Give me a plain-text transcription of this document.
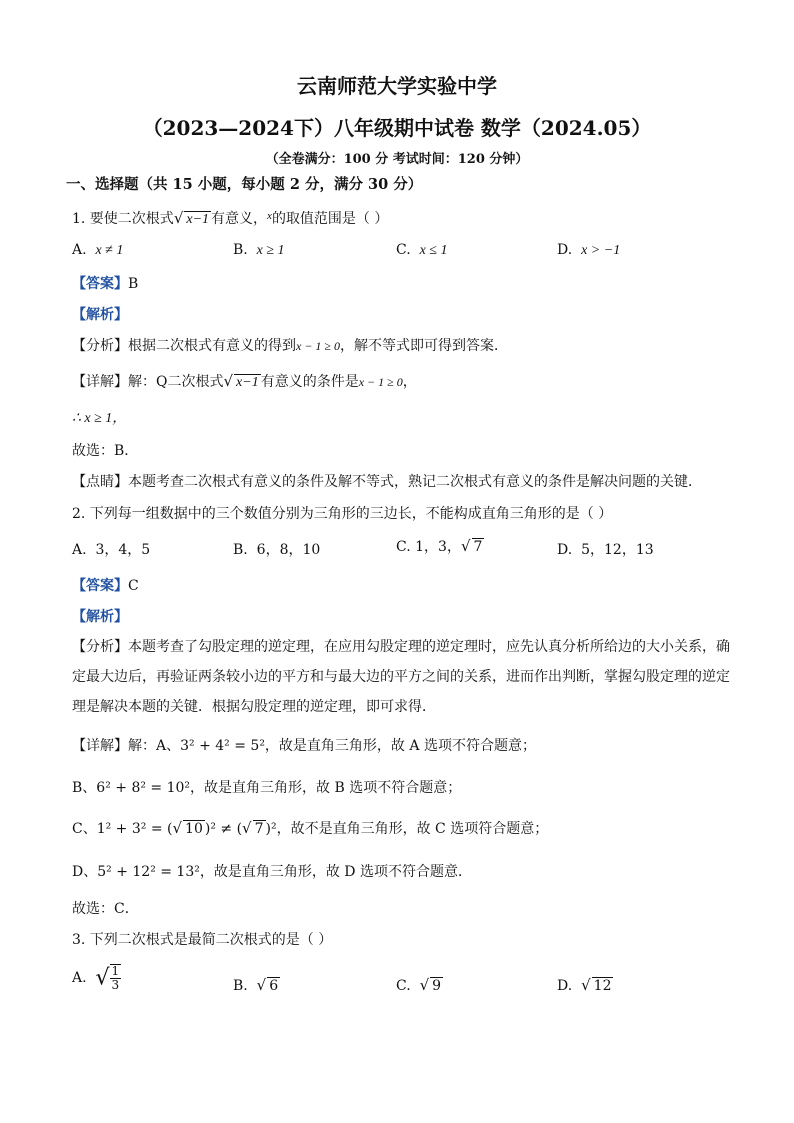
云南师范大学实验中学
（2023—2024下）八年级期中试卷 数学（2024.05）
（全卷满分：100 分 考试时间：120 分钟）
一、选择题（共 15 小题，每小题 2 分，满分 30 分）
1. 要使二次根式√ x−1 有意义，$^x$的取值范围是（ ）
A. x ≠ 1	B. x ≥ 1	C. x ≤ 1	D. x > −1
【答案】B
【解析】
【分析】根据二次根式有意义的得到x − 1 ≥ 0，解不等式即可得到答案．
【详解】解：Q二次根式√ x−1 有意义的条件是x − 1 ≥ 0，
∴ x ≥ 1，
故选：B．
【点睛】本题考查二次根式有意义的条件及解不等式，熟记二次根式有意义的条件是解决问题的关键．
2. 下列每一组数据中的三个数值分别为三角形的三边长，不能构成直角三角形的是（ ）
A. 3，4，5	B. 6，8，10	C. 1，3，√ 7	D. 5，12，13
【答案】C
【解析】
【分析】本题考查了勾股定理的逆定理，在应用勾股定理的逆定理时，应先认真分析所给边的大小关系，确定最大边后，再验证两条较小边的平方和与最大边的平方之间的关系，进而作出判断，掌握勾股定理的逆定理是解决本题的关键．根据勾股定理的逆定理，即可求得．
【详解】解：A、3² + 4² = 5²，故是直角三角形，故 A 选项不符合题意；
B、6² + 8² = 10²，故是直角三角形，故 B 选项不符合题意；
C、1² + 3² = (√ 10 )² ≠ (√ 7 )²，故不是直角三角形，故 C 选项符合题意；
D、5² + 12² = 13²，故是直角三角形，故 D 选项不符合题意．
故选：C．
3. 下列二次根式是最简二次根式的是（ ）
A. √ $\frac{1}{3}$	B. √ 6	C. √ 9	D. √ 12
